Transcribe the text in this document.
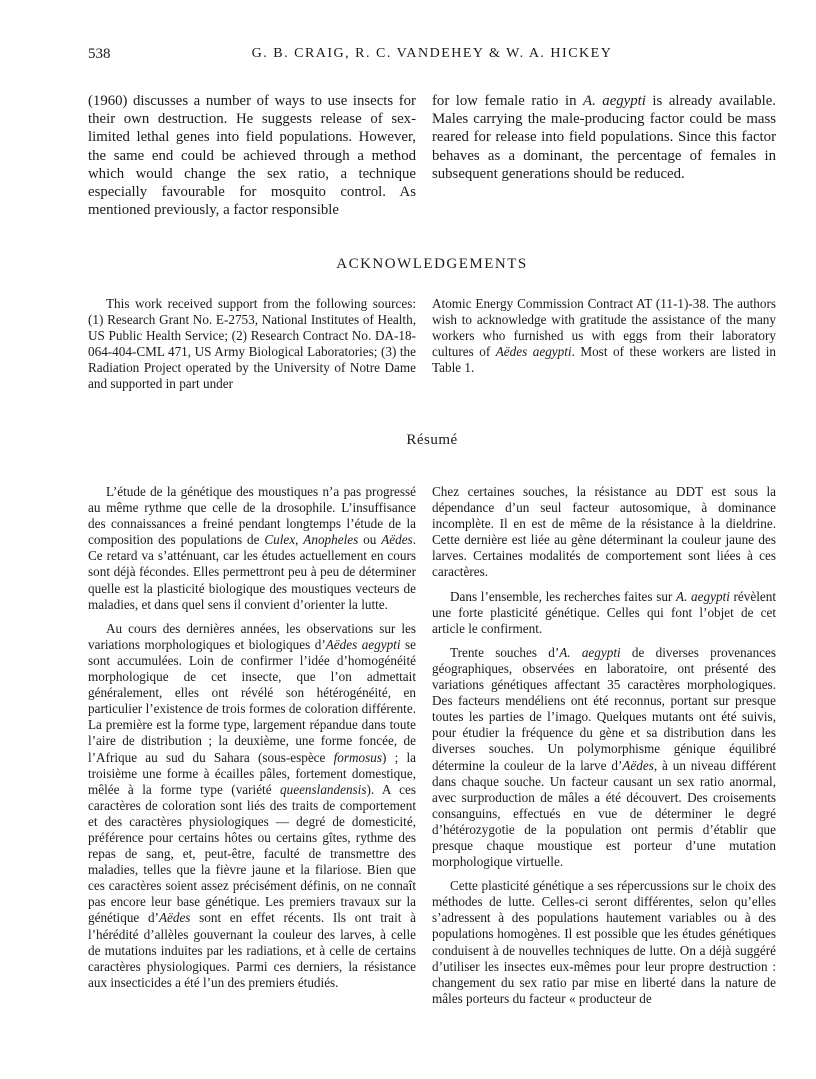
538	G. B. CRAIG, R. C. VANDEHEY & W. A. HICKEY

(1960) discusses a number of ways to use insects for their own destruction. He suggests release of sex-limited lethal genes into field populations. However, the same end could be achieved through a method which would change the sex ratio, a technique especially favourable for mosquito control. As mentioned previously, a factor responsible

for low female ratio in A. aegypti is already available. Males carrying the male-producing factor could be mass reared for release into field populations. Since this factor behaves as a dominant, the percentage of females in subsequent generations should be reduced.

ACKNOWLEDGEMENTS

This work received support from the following sources: (1) Research Grant No. E-2753, National Institutes of Health, US Public Health Service; (2) Research Contract No. DA-18-064-404-CML 471, US Army Biological Laboratories; (3) the Radiation Project operated by the University of Notre Dame and supported in part under

Atomic Energy Commission Contract AT (11-1)-38. The authors wish to acknowledge with gratitude the assistance of the many workers who furnished us with eggs from their laboratory cultures of Aëdes aegypti. Most of these workers are listed in Table 1.

Résumé

L’étude de la génétique des moustiques n’a pas progressé au même rythme que celle de la drosophile. L’insuffisance des connaissances a freiné pendant longtemps l’étude de la composition des populations de Culex, Anopheles ou Aëdes. Ce retard va s’atténuant, car les études actuellement en cours sont déjà fécondes. Elles permettront peu à peu de déterminer quelle est la plasticité biologique des moustiques vecteurs de maladies, et dans quel sens il convient d’orienter la lutte.

Au cours des dernières années, les observations sur les variations morphologiques et biologiques d’Aëdes aegypti se sont accumulées. Loin de confirmer l’idée d’homogénéité morphologique de cet insecte, que l’on admettait généralement, elles ont révélé son hétérogénéité, en particulier l’existence de trois formes de coloration différente. La première est la forme type, largement répandue dans toute l’aire de distribution ; la deuxième, une forme foncée, de l’Afrique au sud du Sahara (sous-espèce formosus) ; la troisième une forme à écailles pâles, fortement domestique, mêlée à la forme type (variété queenslandensis). A ces caractères de coloration sont liés des traits de comportement et des caractères physiologiques — degré de domesticité, préférence pour certains hôtes ou certains gîtes, rythme des repas de sang, et, peut-être, faculté de transmettre des maladies, telles que la fièvre jaune et la filariose. Bien que ces caractères soient assez précisément définis, on ne connaît pas encore leur base génétique. Les premiers travaux sur la génétique d’Aëdes sont en effet récents. Ils ont trait à l’hérédité d’allèles gouvernant la couleur des larves, à celle de mutations induites par les radiations, et à celle de certains caractères physiologiques. Parmi ces derniers, la résistance aux insecticides a été l’un des premiers étudiés.

Chez certaines souches, la résistance au DDT est sous la dépendance d’un seul facteur autosomique, à dominance incomplète. Il en est de même de la résistance à la dieldrine. Cette dernière est liée au gène déterminant la couleur jaune des larves. Certaines modalités de comportement sont liées à ces caractères.

Dans l’ensemble, les recherches faites sur A. aegypti révèlent une forte plasticité génétique. Celles qui font l’objet de cet article le confirment.

Trente souches d’A. aegypti de diverses provenances géographiques, observées en laboratoire, ont présenté des variations génétiques affectant 35 caractères morphologiques. Des facteurs mendéliens ont été reconnus, portant sur presque toutes les parties de l’imago. Quelques mutants ont été suivis, pour étudier la fréquence du gène et sa distribution dans les diverses souches. Un polymorphisme génique équilibré détermine la couleur de la larve d’Aëdes, à un niveau différent dans chaque souche. Un facteur causant un sex ratio anormal, avec surproduction de mâles a été découvert. Des croisements consanguins, effectués en vue de déterminer le degré d’hétérozygotie de la population ont permis d’établir que presque chaque moustique est porteur d’une mutation morphologique virtuelle.

Cette plasticité génétique a ses répercussions sur le choix des méthodes de lutte. Celles-ci seront différentes, selon qu’elles s’adressent à des populations hautement variables ou à des populations homogènes. Il est possible que les études génétiques conduisent à de nouvelles techniques de lutte. On a déjà suggéré d’utiliser les insectes eux-mêmes pour leur propre destruction : changement du sex ratio par mise en liberté dans la nature de mâles porteurs du facteur « producteur de
